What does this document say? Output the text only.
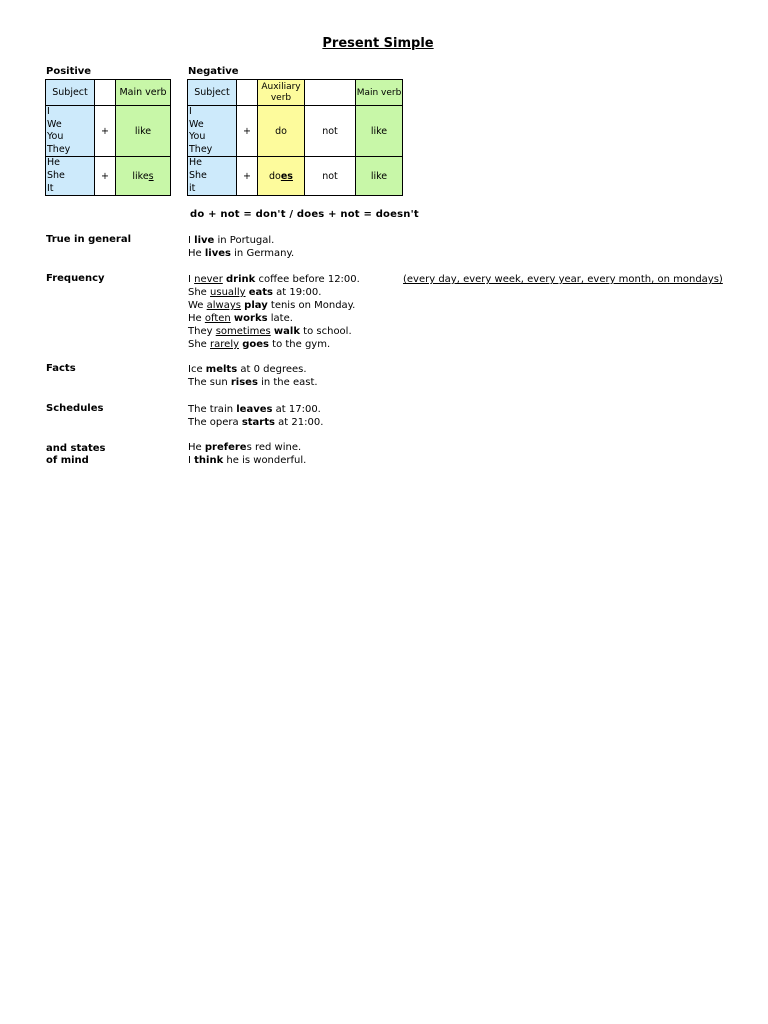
Present Simple
Positive
Subject		Main verb

I
We
You
They	+	like

He
She
It	+	likes
Negative
Subject		Auxiliary verb		Main verb

I
We
You
They	+	do	not	like

He
She
it	+	does	not	like
do + not = don't / does + not = doesn't
True in general	I live in Portugal.
He lives in Germany.
Frequency	I never drink coffee before 12:00.
She usually eats at 19:00.
We always play tenis on Monday.
He often works late.
They sometimes walk to school.
She rarely goes to the gym.
(every day, every week, every year, every month, on mondays)
Facts	Ice melts at 0 degrees.
The sun rises in the east.
Schedules	The train leaves at 17:00.
The opera starts at 21:00.
and states
of mind
He preferes red wine.
I think he is wonderful.
